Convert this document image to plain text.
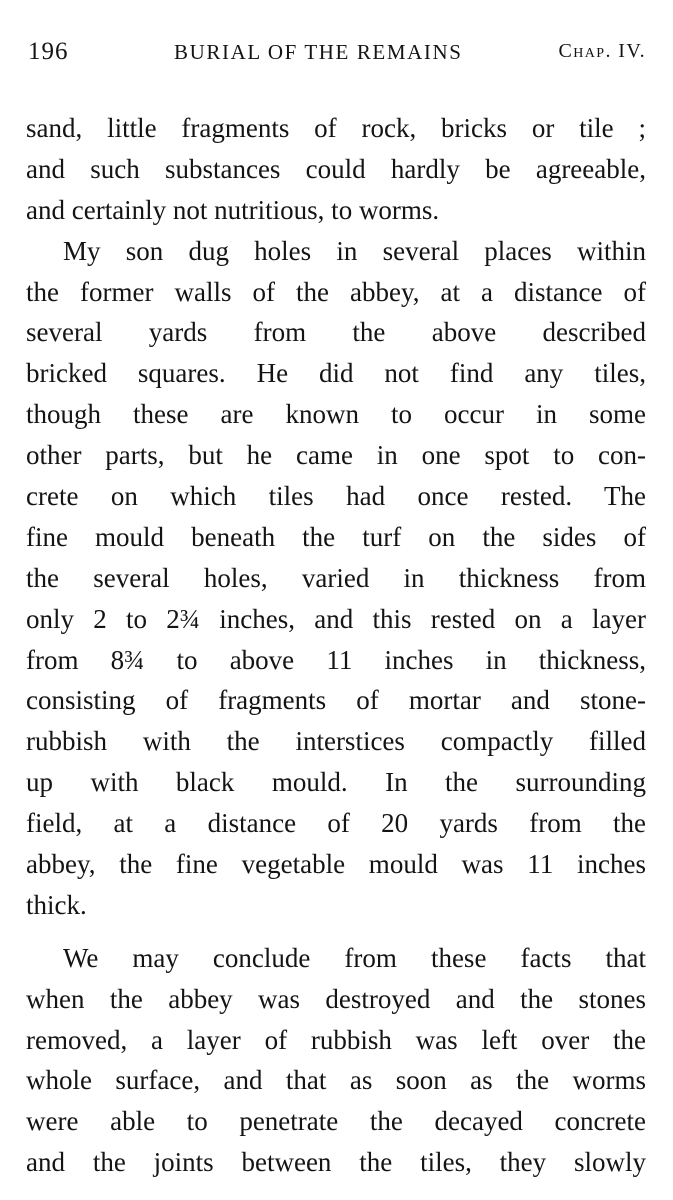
196	BURIAL OF THE REMAINS	Chap. IV.
sand, little fragments of rock, bricks or tile ;
and such substances could hardly be agreeable,
and certainly not nutritious, to worms.
My son dug holes in several places within
the former walls of the abbey, at a distance of
several yards from the above described
bricked squares. He did not find any tiles,
though these are known to occur in some
other parts, but he came in one spot to con-
crete on which tiles had once rested. The
fine mould beneath the turf on the sides of
the several holes, varied in thickness from
only 2 to 2¾ inches, and this rested on a layer
from 8¾ to above 11 inches in thickness,
consisting of fragments of mortar and stone-
rubbish with the interstices compactly filled
up with black mould. In the surrounding
field, at a distance of 20 yards from the
abbey, the fine vegetable mould was 11 inches
thick.
We may conclude from these facts that
when the abbey was destroyed and the stones
removed, a layer of rubbish was left over the
whole surface, and that as soon as the worms
were able to penetrate the decayed concrete
and the joints between the tiles, they slowly
